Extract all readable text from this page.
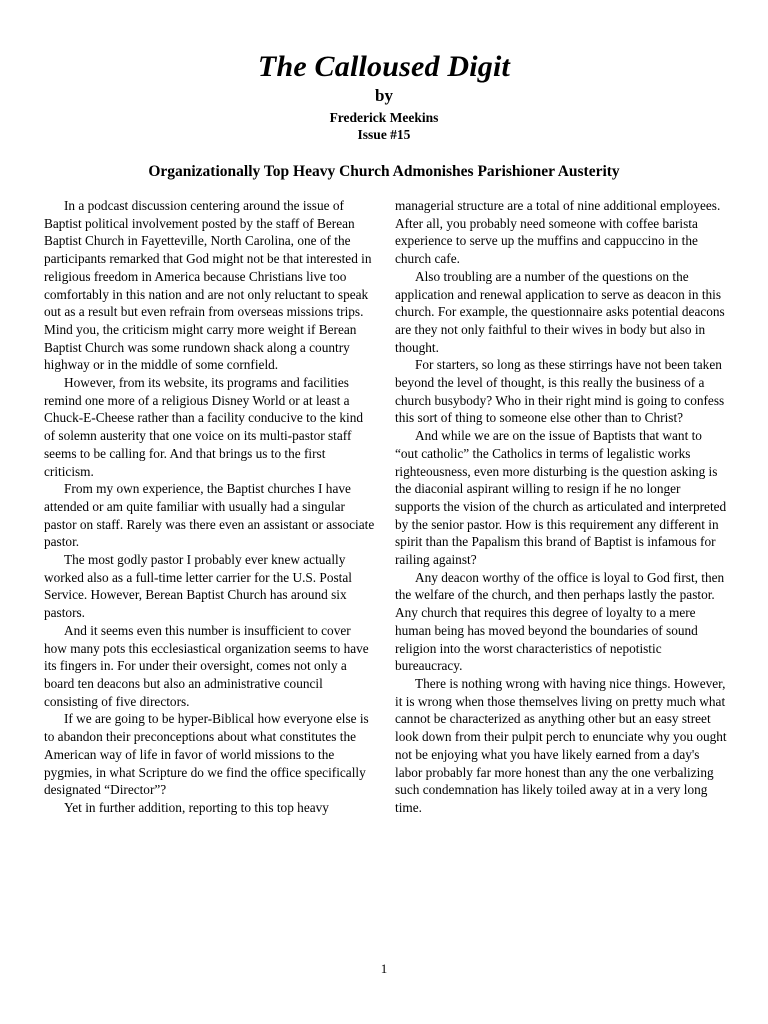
The Calloused Digit
by
Frederick Meekins
Issue #15
Organizationally Top Heavy Church Admonishes Parishioner Austerity

In a podcast discussion centering around the issue of Baptist political involvement posted by the staff of Berean Baptist Church in Fayetteville, North Carolina, one of the participants remarked that God might not be that interested in religious freedom in America because Christians live too comfortably in this nation and are not only reluctant to speak out as a result but even refrain from overseas missions trips. Mind you, the criticism might carry more weight if Berean Baptist Church was some rundown shack along a country highway or in the middle of some cornfield.

However, from its website, its programs and facilities remind one more of a religious Disney World or at least a Chuck-E-Cheese rather than a facility conducive to the kind of solemn austerity that one voice on its multi-pastor staff seems to be calling for. And that brings us to the first criticism.

From my own experience, the Baptist churches I have attended or am quite familiar with usually had a singular pastor on staff. Rarely was there even an assistant or associate pastor.

The most godly pastor I probably ever knew actually worked also as a full-time letter carrier for the U.S. Postal Service. However, Berean Baptist Church has around six pastors.

And it seems even this number is insufficient to cover how many pots this ecclesiastical organization seems to have its fingers in. For under their oversight, comes not only a board ten deacons but also an administrative council consisting of five directors.

If we are going to be hyper-Biblical how everyone else is to abandon their preconceptions about what constitutes the American way of life in favor of world missions to the pygmies, in what Scripture do we find the office specifically designated “Director”?

Yet in further addition, reporting to this top heavy

managerial structure are a total of nine additional employees. After all, you probably need someone with coffee barista experience to serve up the muffins and cappuccino in the church cafe.

Also troubling are a number of the questions on the application and renewal application to serve as deacon in this church. For example, the questionnaire asks potential deacons are they not only faithful to their wives in body but also in thought.

For starters, so long as these stirrings have not been taken beyond the level of thought, is this really the business of a church busybody? Who in their right mind is going to confess this sort of thing to someone else other than to Christ?

And while we are on the issue of Baptists that want to “out catholic” the Catholics in terms of legalistic works righteousness, even more disturbing is the question asking is the diaconial aspirant willing to resign if he no longer supports the vision of the church as articulated and interpreted by the senior pastor. How is this requirement any different in spirit than the Papalism this brand of Baptist is infamous for railing against?

Any deacon worthy of the office is loyal to God first, then the welfare of the church, and then perhaps lastly the pastor. Any church that requires this degree of loyalty to a mere human being has moved beyond the boundaries of sound religion into the worst characteristics of nepotistic bureaucracy.

There is nothing wrong with having nice things. However, it is wrong when those themselves living on pretty much what cannot be characterized as anything other but an easy street look down from their pulpit perch to enunciate why you ought not be enjoying what you have likely earned from a day's labor probably far more honest than any the one verbalizing such condemnation has likely toiled away at in a very long time.

1
